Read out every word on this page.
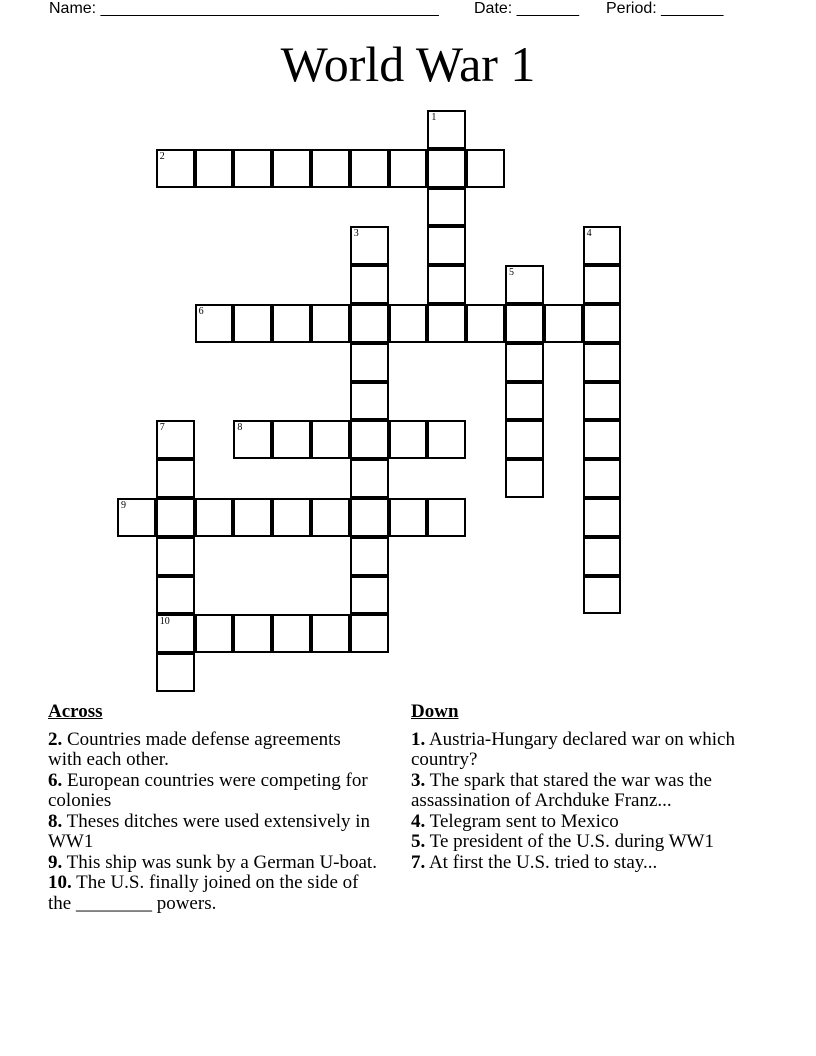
Name: ______________________________________ Date: _______ Period: _______
World War 1
1
2
3	4
5
6
7
10
8
9
Across
2. Countries made defense agreements with each other.
6. European countries were competing for colonies
8. Theses ditches were used extensively in WW1
9. This ship was sunk by a German U-boat.
10. The U.S. finally joined on the side of the ________ powers.
Down
1. Austria-Hungary declared war on which country?
3. The spark that stared the war was the assassination of Archduke Franz...
4. Telegram sent to Mexico
5. Te president of the U.S. during WW1
7. At first the U.S. tried to stay...
